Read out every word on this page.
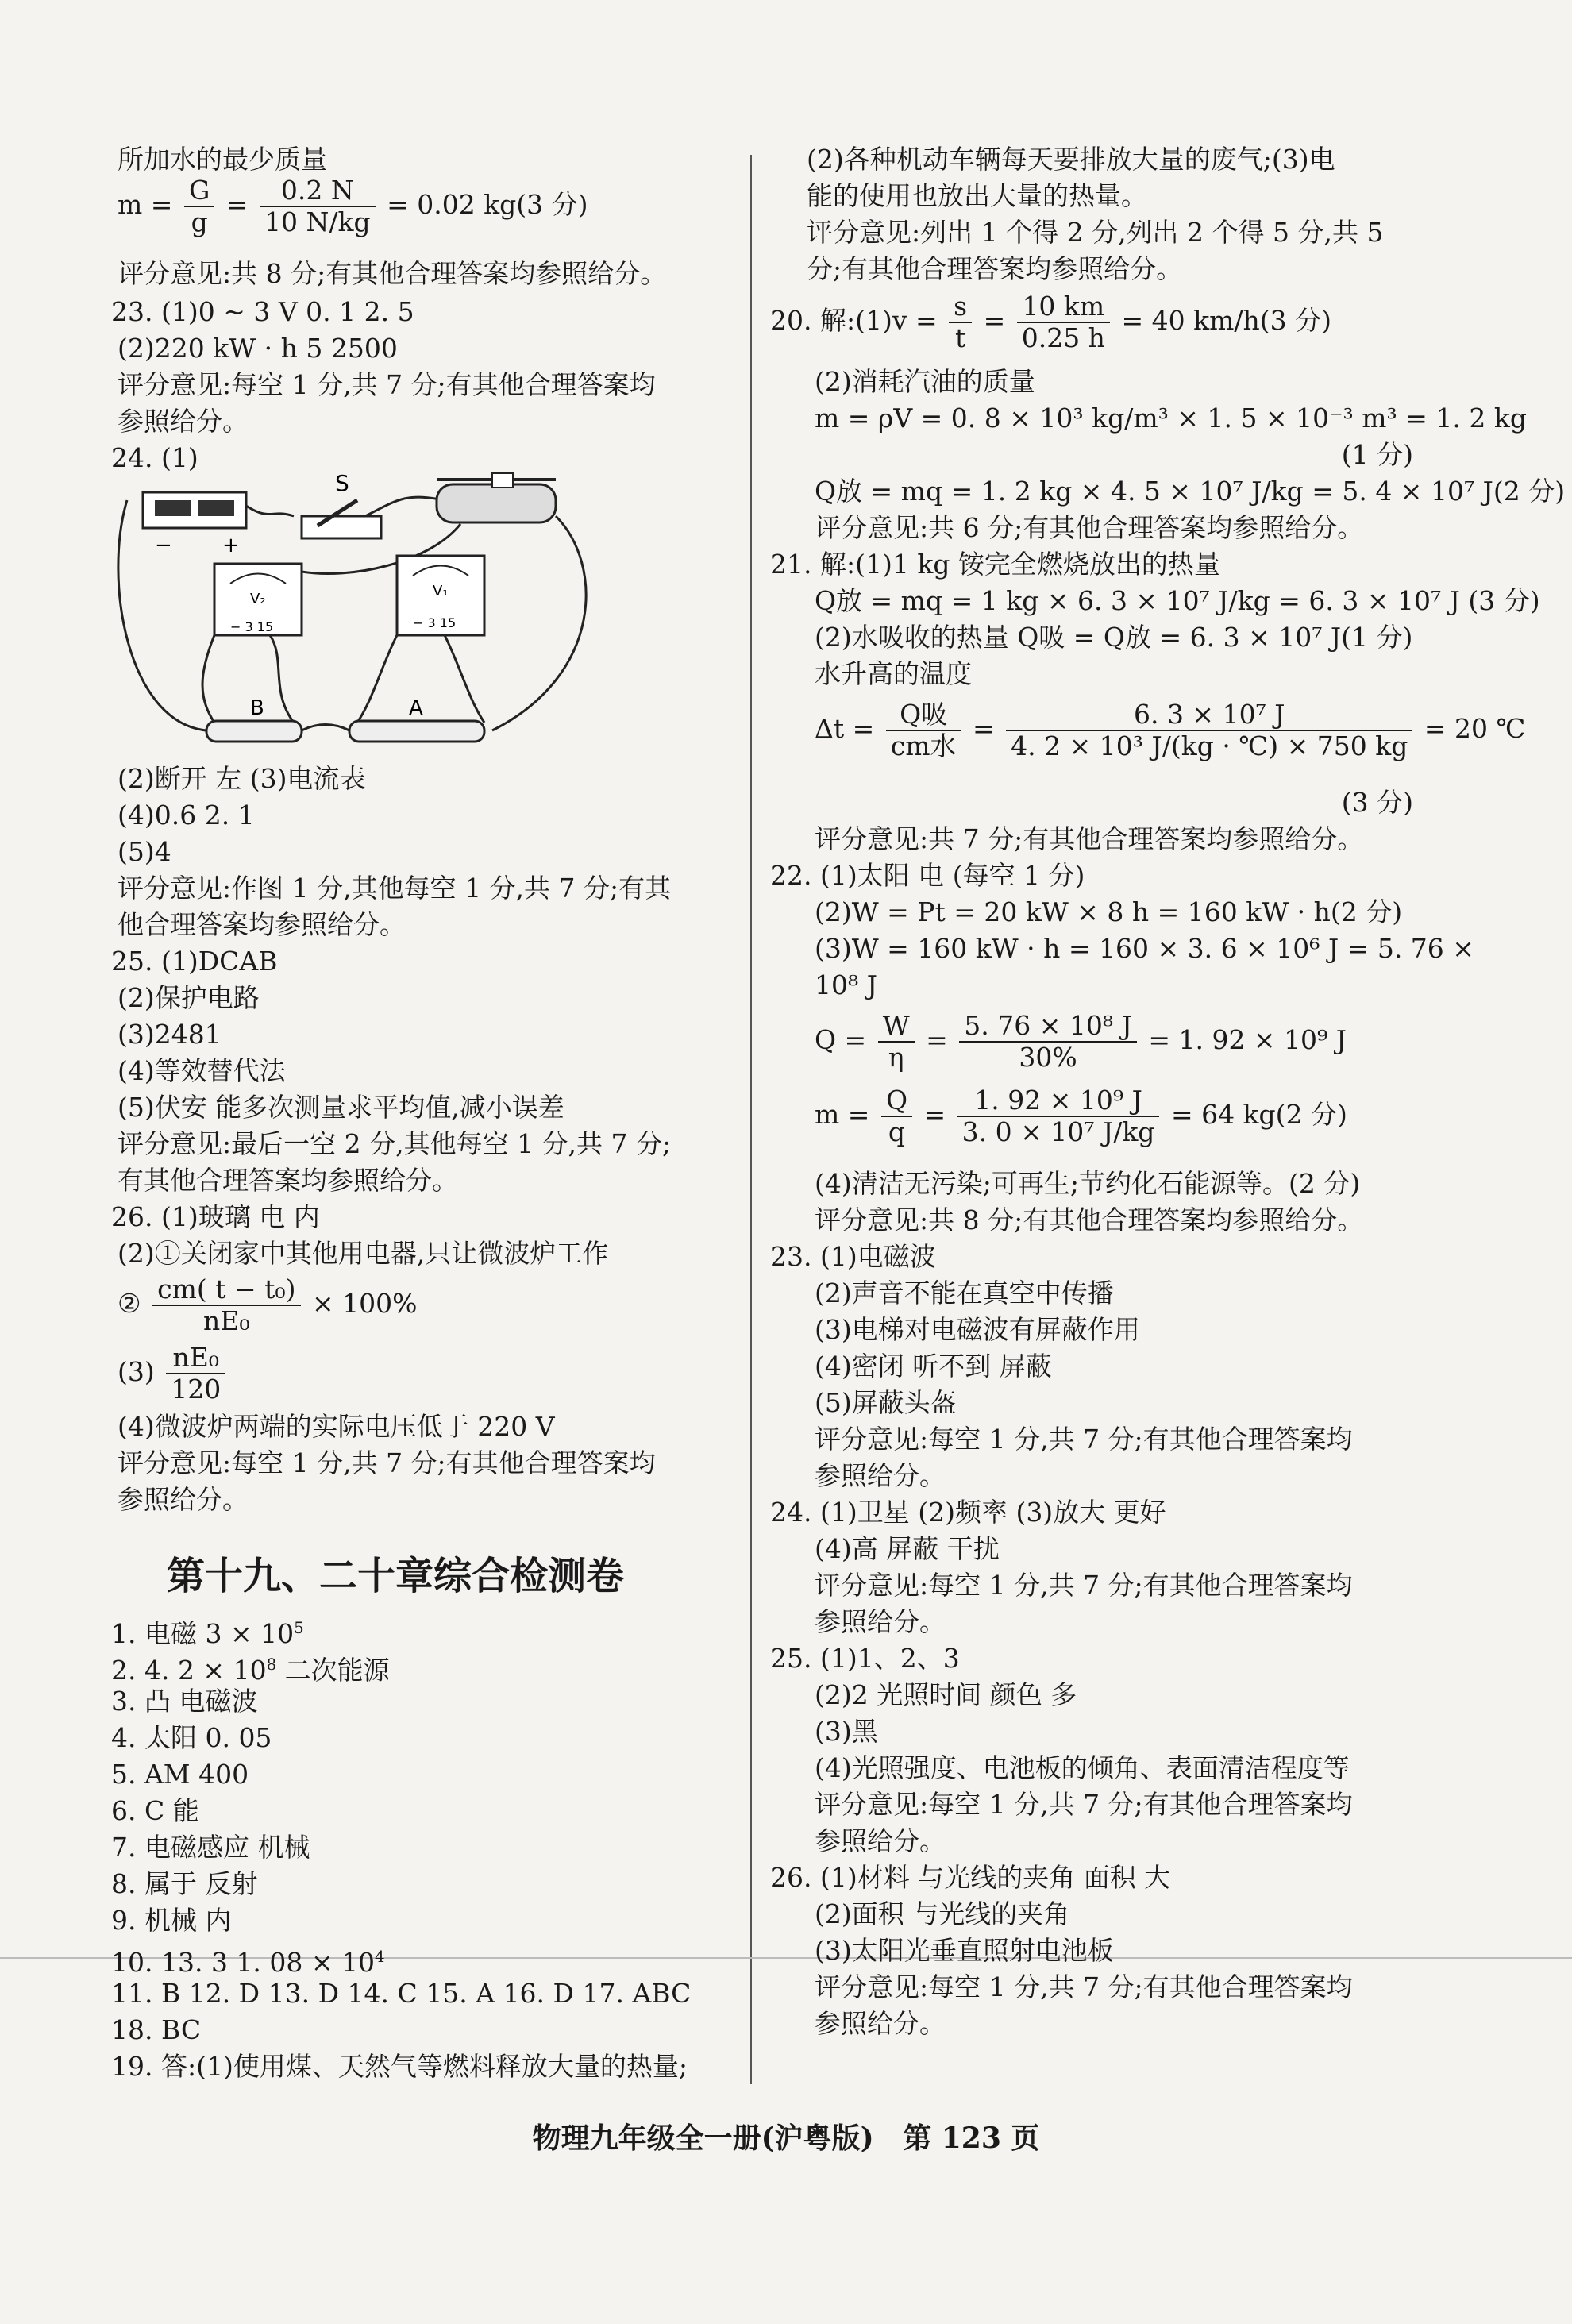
所加水的最少质量
$m = \frac{G}{g} = \frac{0.2 N}{10 N/kg} = 0.02$ kg(3 分)
评分意见:共 8 分;有其他合理答案均参照给分。
23. (1)0 ~ 3 V 0. 1 2. 5
(2)220 kW · h 5 2500
评分意见:每空 1 分,共 7 分;有其他合理答案均
参照给分。
24. (1)
(2)断开 左 (3)电流表
(4)0.6 2. 1
(5)4
评分意见:作图 1 分,其他每空 1 分,共 7 分;有其
他合理答案均参照给分。
25. (1)DCAB
(2)保护电路
(3)2481
(4)等效替代法
(5)伏安 能多次测量求平均值,减小误差
评分意见:最后一空 2 分,其他每空 1 分,共 7 分;
有其他合理答案均参照给分。
26. (1)玻璃 电 内
(2)①关闭家中其他用电器,只让微波炉工作
② $\frac{\text{cm( t − t₀)}}{\text{nE₀}} \times 100\%$
$(3) \frac{\text{nE₀}}{120}$
(4)微波炉两端的实际电压低于 220 V
评分意见:每空 1 分,共 7 分;有其他合理答案均
参照给分。
第十九、二十章综合检测卷
1. 电磁 $3 \times 10^5$
2. 4. $2 \times 10^8$ 二次能源
3. 凸 电磁波
4. 太阳 0. 05
5. AM 400
6. C 能
7. 电磁感应 机械
8. 属于 反射
9. 机械 内
10. 13. 3 1. $08 \times 10^4$
11. B 12. D 13. D 14. C 15. A 16. D 17. ABC
18. BC
19. 答:(1)使用煤、天然气等燃料释放大量的热量;
− +
S
V₂
− 3 15
V₁
− 3 15
B	A
(2)各种机动车辆每天要排放大量的废气;(3)电
能的使用也放出大量的热量。
评分意见:列出 1 个得 2 分,列出 2 个得 5 分,共 5
分;有其他合理答案均参照给分。
20. 解:(1)v = $\frac{s}{t} = \frac{10 km}{0.25 h} = 40$ km/h(3 分)
(2)消耗汽油的质量
m = ρV = 0. 8 × 10³ kg/m³ × 1. 5 × 10⁻³ m³ = 1. 2 kg
(1 分)
Q放 = mq = 1. 2 kg × 4. 5 × 10⁷ J/kg = 5. 4 × 10⁷ J(2 分)
评分意见:共 6 分;有其他合理答案均参照给分。
21. 解:(1)1 kg 铵完全燃烧放出的热量
Q放 = mq = 1 kg × 6. 3 × 10⁷ J/kg = 6. 3 × 10⁷ J (3 分)
(2)水吸收的热量 Q吸 = Q放 = 6. 3 × 10⁷ J(1 分)
水升高的温度
$\Delta t = \frac{\text{Q吸}}{\text{cm水}} = \frac{\text{6. 3 × 10⁷ J}}{\text{4. 2 × 10³ J/(kg · ℃) × 750 kg}} = 20$ ℃
(3 分)
评分意见:共 7 分;有其他合理答案均参照给分。
22. (1)太阳 电 (每空 1 分)
(2)W = Pt = 20 kW × 8 h = 160 kW · h(2 分)
(3)W = 160 kW · h = 160 × 3. 6 × 10⁶ J = 5. 76 ×
10⁸ J
$Q = \frac{W}{\eta} = \frac{\text{5. 76 × 10⁸ J}}{30\%} = 1$. 92 × 10⁹ J
$m = \frac{Q}{q} = \frac{\text{1. 92 × 10⁹ J}}{\text{3. 0 × 10⁷ J/kg}} = 64$ kg(2 分)
(4)清洁无污染;可再生;节约化石能源等。(2 分)
评分意见:共 8 分;有其他合理答案均参照给分。
23. (1)电磁波
(2)声音不能在真空中传播
(3)电梯对电磁波有屏蔽作用
(4)密闭 听不到 屏蔽
(5)屏蔽头盔
评分意见:每空 1 分,共 7 分;有其他合理答案均
参照给分。
24. (1)卫星 (2)频率 (3)放大 更好
(4)高 屏蔽 干扰
评分意见:每空 1 分,共 7 分;有其他合理答案均
参照给分。
25. (1)1、2、3
(2)2 光照时间 颜色 多
(3)黑
(4)光照强度、电池板的倾角、表面清洁程度等
评分意见:每空 1 分,共 7 分;有其他合理答案均
参照给分。
26. (1)材料 与光线的夹角 面积 大
(2)面积 与光线的夹角
(3)太阳光垂直照射电池板
评分意见:每空 1 分,共 7 分;有其他合理答案均
参照给分。
物理九年级全一册(沪粤版) 第 123 页
